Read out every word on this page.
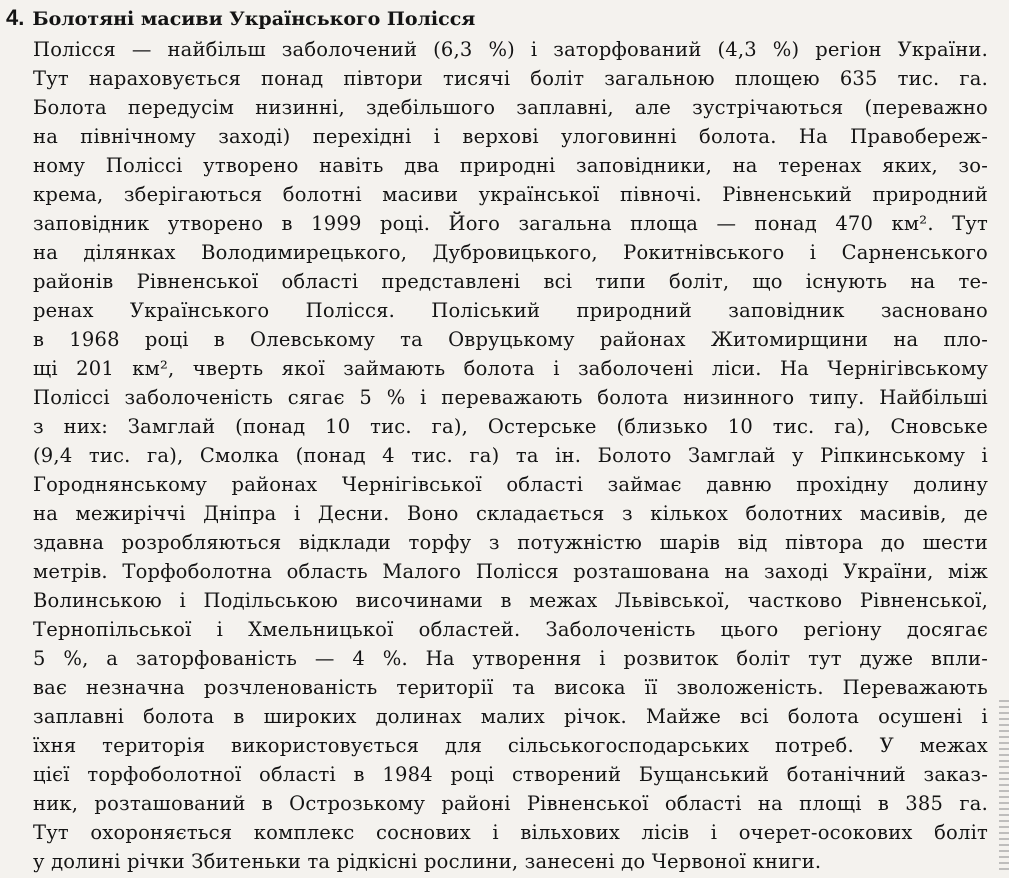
4. Болотяні масиви Українського Полісся
Полісся — найбільш заболочений (6,3 %) і заторфований (4,3 %) регіон України.
Тут нараховується понад півтори тисячі боліт загальною площею 635 тис. га.
Болота передусім низинні, здебільшого заплавні, але зустрічаються (переважно
на північному заході) перехідні і верхові улоговинні болота. На Правобереж-
ному Поліссі утворено навіть два природні заповідники, на теренах яких, зо-
крема, зберігаються болотні масиви української півночі. Рівненський природний
заповідник утворено в 1999 році. Його загальна площа — понад 470 км². Тут
на ділянках Володимирецького, Дубровицького, Рокитнівського і Сарненського
районів Рівненської області представлені всі типи боліт, що існують на те-
ренах Українського Полісся. Поліський природний заповідник засновано
в 1968 році в Олевському та Овруцькому районах Житомирщини на пло-
щі 201 км², чверть якої займають болота і заболочені ліси. На Чернігівському
Поліссі заболоченість сягає 5 % і переважають болота низинного типу. Найбільші
з них: Замглай (понад 10 тис. га), Остерське (близько 10 тис. га), Сновське
(9,4 тис. га), Смолка (понад 4 тис. га) та ін. Болото Замглай у Ріпкинському і
Городнянському районах Чернігівської області займає давню прохідну долину
на межиріччі Дніпра і Десни. Воно складається з кількох болотних масивів, де
здавна розробляються відклади торфу з потужністю шарів від півтора до шести
метрів. Торфоболотна область Малого Полісся розташована на заході України, між
Волинською і Подільською височинами в межах Львівської, частково Рівненської,
Тернопільської і Хмельницької областей. Заболоченість цього регіону досягає
5 %, а заторфованість — 4 %. На утворення і розвиток боліт тут дуже впли-
ває незначна розчленованість території та висока її зволоженість. Переважають
заплавні болота в широких долинах малих річок. Майже всі болота осушені і
їхня територія використовується для сільськогосподарських потреб. У межах
цієї торфоболотної області в 1984 році створений Бущанський ботанічний заказ-
ник, розташований в Острозькому районі Рівненської області на площі в 385 га.
Тут охороняється комплекс соснових і вільхових лісів і очерет-осокових боліт
у долині річки Збитеньки та рідкісні рослини, занесені до Червоної книги.
